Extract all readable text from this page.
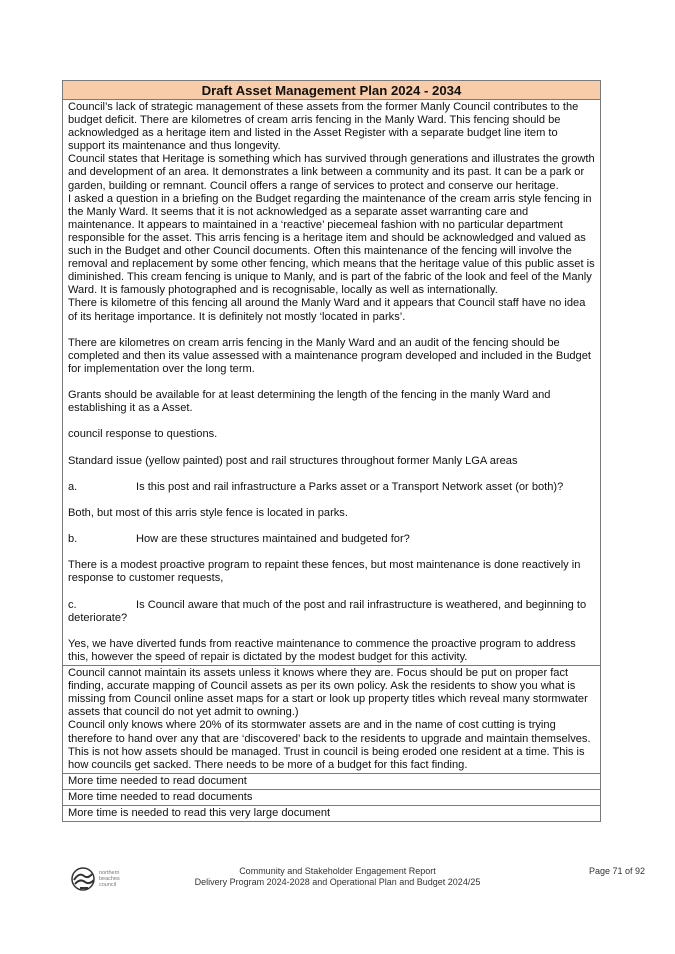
Draft Asset Management Plan 2024 - 2034

Council’s lack of strategic management of these assets from the former Manly Council contributes to the budget deficit. There are kilometres of cream arris fencing in the Manly Ward. This fencing should be acknowledged as a heritage item and listed in the Asset Register with a separate budget line item to support its maintenance and thus longevity.

Council states that Heritage is something which has survived through generations and illustrates the growth and development of an area. It demonstrates a link between a community and its past. It can be a park or garden, building or remnant. Council offers a range of services to protect and conserve our heritage.

I asked a question in a briefing on the Budget regarding the maintenance of the cream arris style fencing in the Manly Ward. It seems that it is not acknowledged as a separate asset warranting care and maintenance. It appears to maintained in a ‘reactive’ piecemeal fashion with no particular department responsible for the asset. This arris fencing is a heritage item and should be acknowledged and valued as such in the Budget and other Council documents. Often this maintenance of the fencing will involve the removal and replacement by some other fencing, which means that the heritage value of this public asset is diminished. This cream fencing is unique to Manly, and is part of the fabric of the look and feel of the Manly Ward. It is famously photographed and is recognisable, locally as well as internationally.

There is kilometre of this fencing all around the Manly Ward and it appears that Council staff have no idea of its heritage importance. It is definitely not mostly ‘located in parks’.

There are kilometres on cream arris fencing in the Manly Ward and an audit of the fencing should be completed and then its value assessed with a maintenance program developed and included in the Budget for implementation over the long term.

Grants should be available for at least determining the length of the fencing in the manly Ward and establishing it as a Asset.

council response to questions.

Standard issue (yellow painted) post and rail structures throughout former Manly LGA areas

a.	Is this post and rail infrastructure a Parks asset or a Transport Network asset (or both)?

Both, but most of this arris style fence is located in parks.

b.	How are these structures maintained and budgeted for?

There is a modest proactive program to repaint these fences, but most maintenance is done reactively in response to customer requests,

c.	Is Council aware that much of the post and rail infrastructure is weathered, and beginning to deteriorate?

Yes, we have diverted funds from reactive maintenance to commence the proactive program to address this, however the speed of repair is dictated by the modest budget for this activity.

Council cannot maintain its assets unless it knows where they are. Focus should be put on proper fact finding, accurate mapping of Council assets as per its own policy. Ask the residents to show you what is missing from Council online asset maps for a start or look up property titles which reveal many stormwater assets that council do not yet admit to owning.)

Council only knows where 20% of its stormwater assets are and in the name of cost cutting is trying therefore to hand over any that are ‘discovered’ back to the residents to upgrade and maintain themselves. This is not how assets should be managed. Trust in council is being eroded one resident at a time. This is how councils get sacked. There needs to be more of a budget for this fact finding.

More time needed to read document
More time needed to read documents
More time is needed to read this very large document
northern
beaches
council
Community and Stakeholder Engagement Report
Delivery Program 2024-2028 and Operational Plan and Budget 2024/25
Page 71 of 92
